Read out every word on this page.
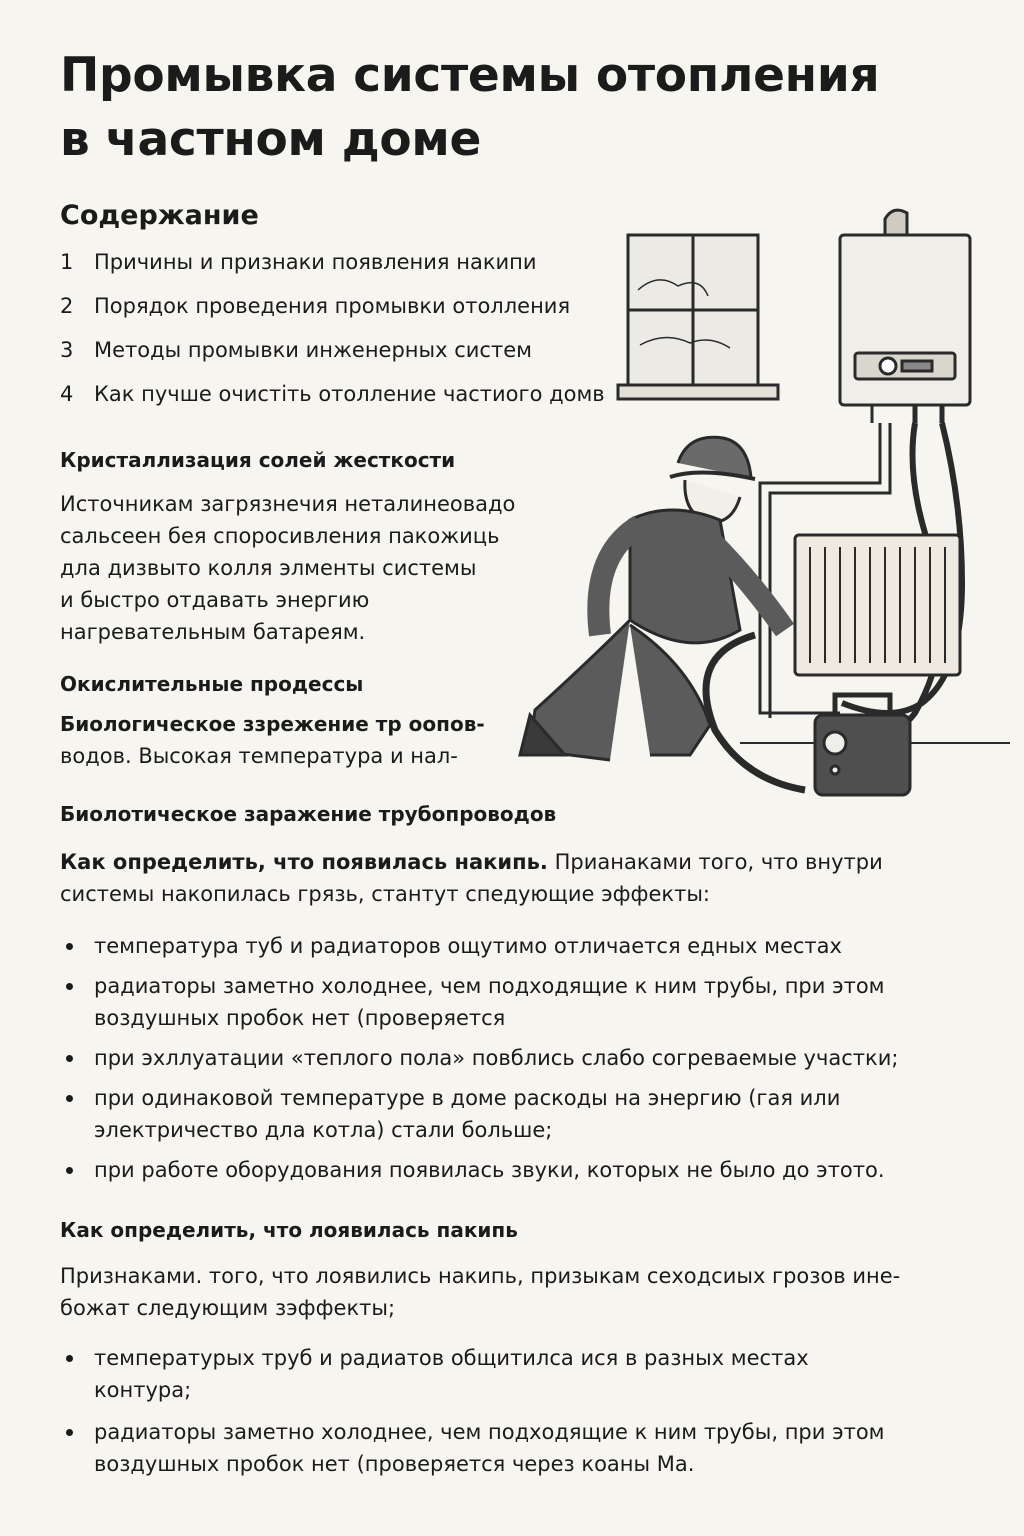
Промывка системы отопления
в частном доме
Содержание
1 Причины и признаки появления накипи
2 Порядок проведения промывки отолления
3 Методы промывки инженерных систем
4 Как пучше очистіть отолление частиого домв
Кристаллизация солей жесткости

Источникам загрязнечия неталинеовадо
сальсеен бея спoросивления пакожиць
дла дизвыто колля элменты системы
и быстро отдавать энергию
нагревательным батареям.

Окислительные продессы

Биологическое ззрежение тр оопов-

водов. Высокая температура и нал-

Биолотическое заражение трубопроводов

Как определить, что появилась накипь. Прианаками того, что внутри
системы накопилась грязь, стантут спедующие эффекты:

температура туб и радиаторов ощутимо отличается едных местах
радиаторы заметно холоднее, чем подходящие к ним трубы, при этом
воздушных пробок нет (проверяется
при эхллуатации «теплого пола» повблись слабо согреваемые участки;
при одинаковой температуре в доме раскоды на энергию (гая или
электричество дла котла) стали больше;
при работе оборудования появилась звуки, которых не было до этото.
Как определить, что лоявилась пакипь

Признаками. того, что лоявились накипь, призыкам сеходсиых грозов ине-
божат следующим зэффекты;

температурых труб и радиатов общитилса ися в разных местах
контура;
радиаторы заметно холоднее, чем подходящие к ним трубы, при этом
воздушных пробок нет (проверяется через коаны Ма.
